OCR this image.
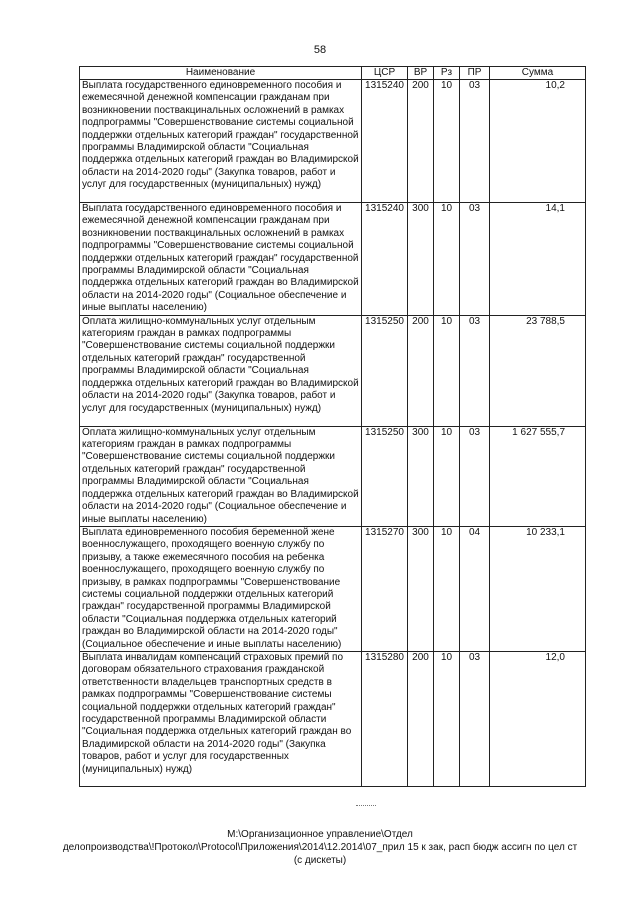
58
Наименование	ЦСР	ВР	Рз	ПР	Сумма
Выплата государственного единовременного пособия и ежемесячной денежной компенсации гражданам при возникновении поствакцинальных осложнений в рамках подпрограммы "Совершенствование системы социальной поддержки отдельных категорий граждан" государственной программы Владимирской области "Социальная поддержка отдельных категорий граждан во Владимирской области на 2014-2020 годы" (Закупка товаров, работ и услуг для государственных (муниципальных) нужд)	1315240	200	10	03	10,2
Выплата государственного единовременного пособия и ежемесячной денежной компенсации гражданам при возникновении поствакцинальных осложнений в рамках подпрограммы "Совершенствование системы социальной поддержки отдельных категорий граждан" государственной программы Владимирской области "Социальная поддержка отдельных категорий граждан во Владимирской области на 2014-2020 годы" (Социальное обеспечение и иные выплаты населению)	1315240	300	10	03	14,1
Оплата жилищно-коммунальных услуг отдельным категориям граждан в рамках подпрограммы "Совершенствование системы социальной поддержки отдельных категорий граждан" государственной программы Владимирской области "Социальная поддержка отдельных категорий граждан во Владимирской области на 2014-2020 годы" (Закупка товаров, работ и услуг для государственных (муниципальных) нужд)	1315250	200	10	03	23 788,5
Оплата жилищно-коммунальных услуг отдельным категориям граждан в рамках подпрограммы "Совершенствование системы социальной поддержки отдельных категорий граждан" государственной программы Владимирской области "Социальная поддержка отдельных категорий граждан во Владимирской области на 2014-2020 годы" (Социальное обеспечение и иные выплаты населению)	1315250	300	10	03	1 627 555,7
Выплата единовременного пособия беременной жене военнослужащего, проходящего военную службу по призыву, а также ежемесячного пособия на ребенка военнослужащего, проходящего военную службу по призыву, в рамках подпрограммы "Совершенствование системы социальной поддержки отдельных категорий граждан" государственной программы Владимирской области "Социальная поддержка отдельных категорий граждан во Владимирской области на 2014-2020 годы" (Социальное обеспечение и иные выплаты населению)	1315270	300	10	04	10 233,1
Выплата инвалидам компенсаций страховых премий по договорам обязательного страхования гражданской ответственности владельцев транспортных средств в рамках подпрограммы "Совершенствование системы социальной поддержки отдельных категорий граждан" государственной программы Владимирской области "Социальная поддержка отдельных категорий граждан во Владимирской области на 2014-2020 годы" (Закупка товаров, работ и услуг для государственных (муниципальных) нужд)	1315280	200	10	03	12,0
M:\Организационное управление\Отдел
делопроизводства\!Протокол\Protocol\Приложения\2014\12.2014\07_прил 15 к зак, расп бюдж ассигн по цел ст
(с дискеты)
